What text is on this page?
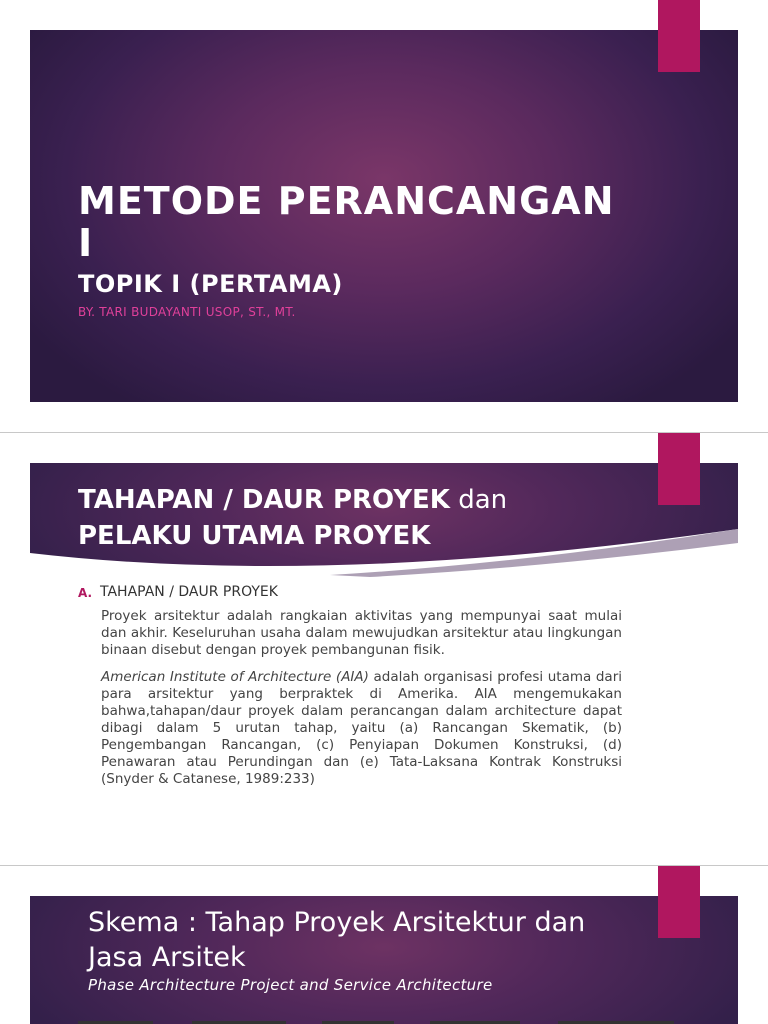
METODE PERANCANGAN I
TOPIK I (PERTAMA)
BY. TARI BUDAYANTI USOP, ST., MT.
TAHAPAN / DAUR PROYEK dan
PELAKU UTAMA PROYEK
A. TAHAPAN / DAUR PROYEK
Proyek arsitektur adalah rangkaian aktivitas yang mempunyai saat mulai dan akhir. Keseluruhan usaha dalam mewujudkan arsitektur atau lingkungan binaan disebut dengan proyek pembangunan fisik.
American Institute of Architecture (AIA) adalah organisasi profesi utama dari para arsitektur yang berpraktek di Amerika. AIA mengemukakan bahwa,tahapan/daur proyek dalam perancangan dalam architecture dapat dibagi dalam 5 urutan tahap, yaitu (a) Rancangan Skematik, (b) Pengembangan Rancangan, (c) Penyiapan Dokumen Konstruksi, (d) Penawaran atau Perundingan dan (e) Tata-Laksana Kontrak Konstruksi (Snyder & Catanese, 1989:233)
Skema : Tahap Proyek Arsitektur dan Jasa Arsitek
Phase Architecture Project and Service Architecture
